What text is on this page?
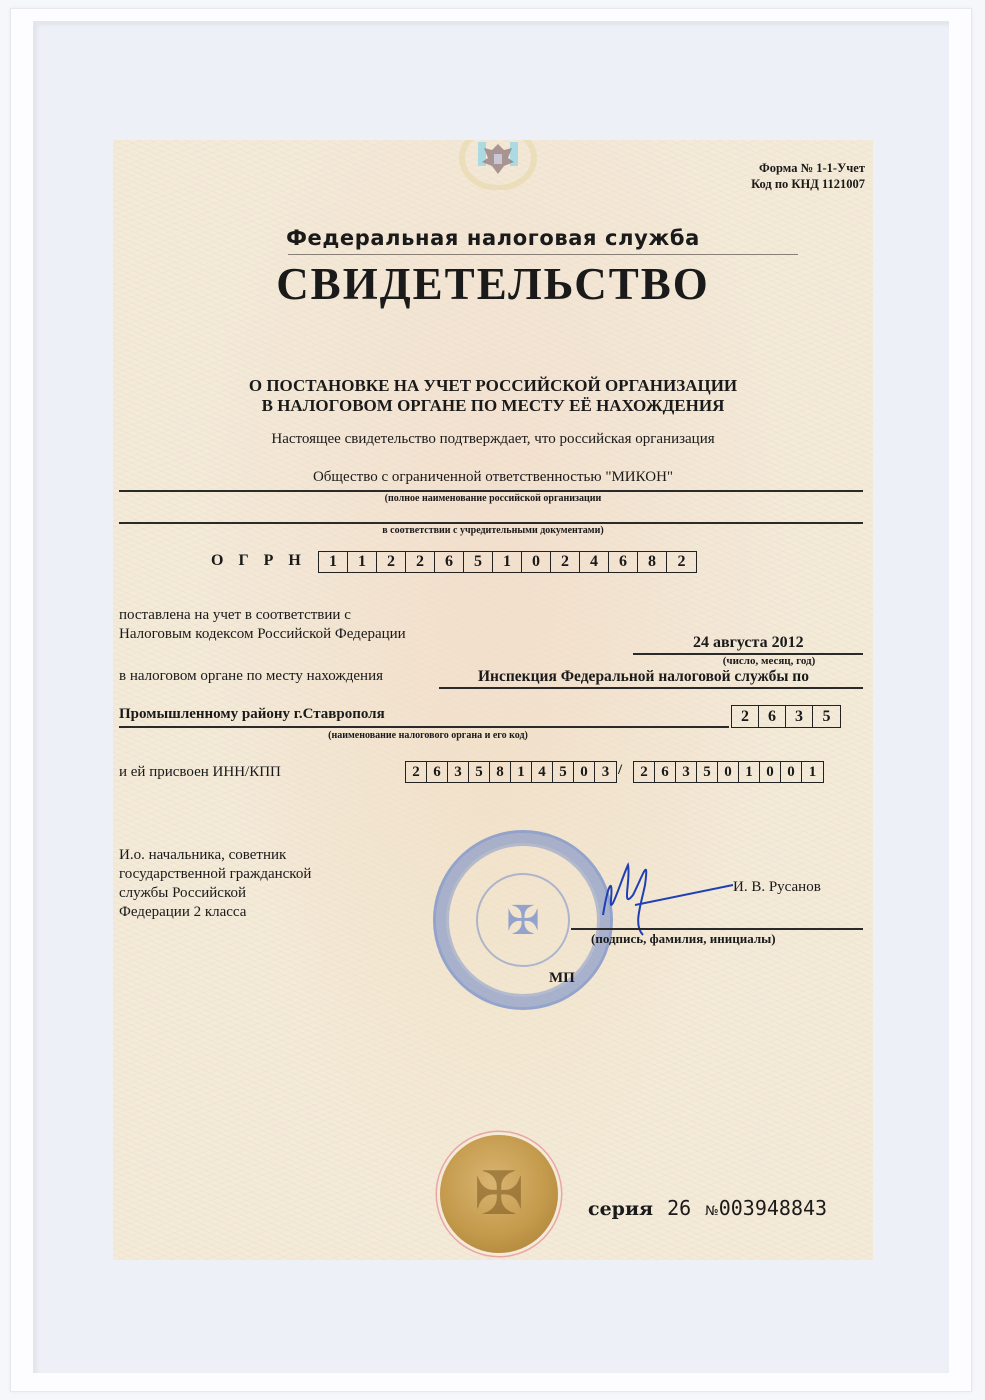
Форма № 1-1-Учет
Код по КНД 1121007
Федеральная налоговая служба
СВИДЕТЕЛЬСТВО
О ПОСТАНОВКЕ НА УЧЕТ РОССИЙСКОЙ ОРГАНИЗАЦИИ
В НАЛОГОВОМ ОРГАНЕ ПО МЕСТУ ЕЁ НАХОЖДЕНИЯ
Настоящее свидетельство подтверждает, что российская организация
Общество с ограниченной ответственностью "МИКОН"
(полное наименование российской организации
в соответствии с учредительными документами)
ОГРН 1	1	2	2	6	5	1	0	2	4	6	8	2
поставлена на учет в соответствии с
Налоговым кодексом Российской Федерации	24 августа 2012
(число, месяц, год)
в налоговом органе по месту нахождения	Инспекция Федеральной налоговой службы по
Промышленному району г.Ставрополя	2	6	3	5
(наименование налогового органа и его код)
и ей присвоен ИНН/КПП	2 6 3 5 8 1 4 5 0 3 /	2 6 3 5 0 1 0 0 1
И.о. начальника, советник
государственной гражданской
службы Российской
Федерации 2 класса	✠
И. В. Русанов
(подпись, фамилия, инициалы)
МП
✠	серия 26 №003948843
